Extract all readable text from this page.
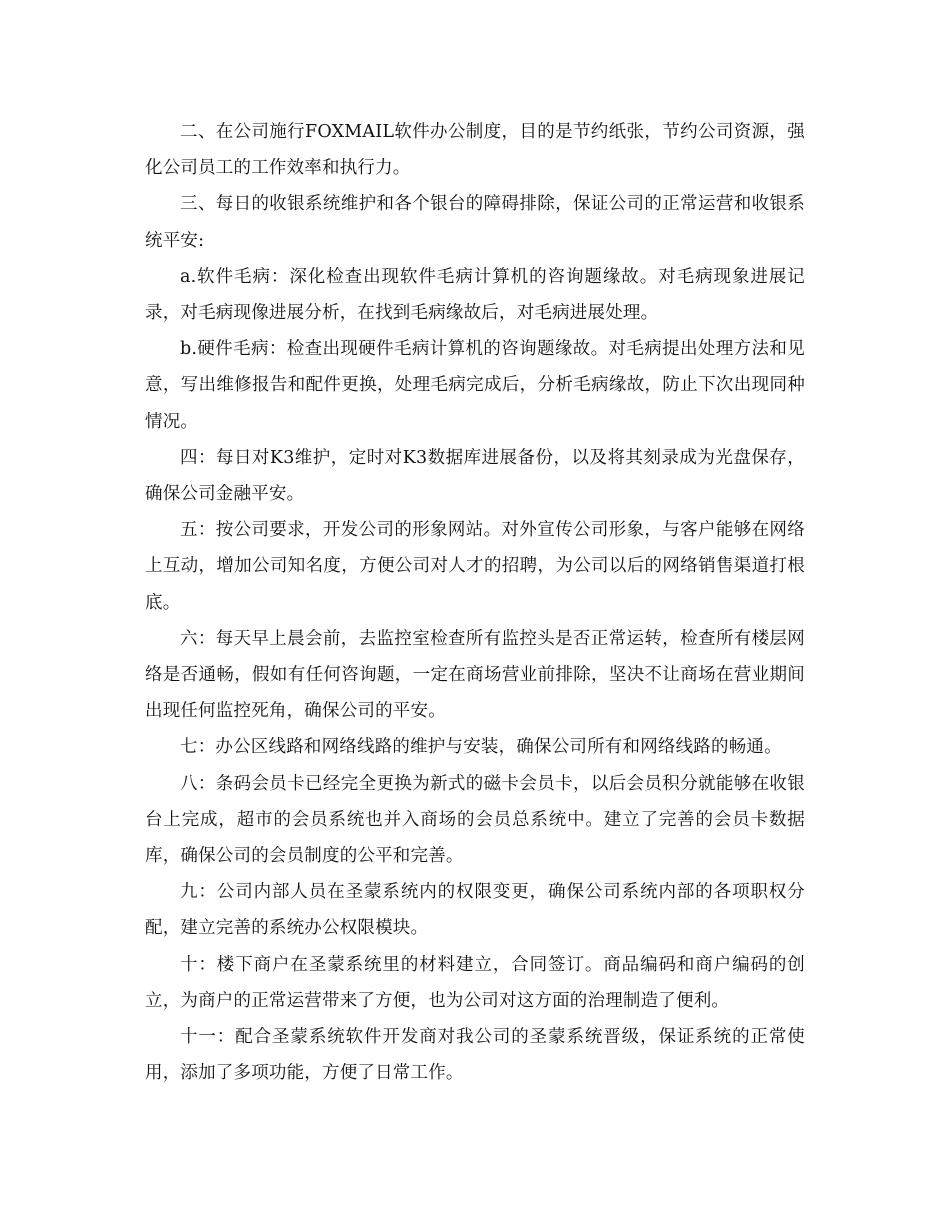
二、在公司施行FOXMAIL软件办公制度，目的是节约纸张，节约公司资源，强化公司员工的工作效率和执行力。

三、每日的收银系统维护和各个银台的障碍排除，保证公司的正常运营和收银系统平安:

a.软件毛病：深化检查出现软件毛病计算机的咨询题缘故。对毛病现象进展记录，对毛病现像进展分析，在找到毛病缘故后，对毛病进展处理。

b.硬件毛病：检查出现硬件毛病计算机的咨询题缘故。对毛病提出处理方法和见意，写出维修报告和配件更换，处理毛病完成后，分析毛病缘故，防止下次出现同种情况。

四：每日对K3维护，定时对K3数据库进展备份，以及将其刻录成为光盘保存，确保公司金融平安。

五：按公司要求，开发公司的形象网站。对外宣传公司形象，与客户能够在网络上互动，增加公司知名度，方便公司对人才的招聘，为公司以后的网络销售渠道打根底。

六：每天早上晨会前，去监控室检查所有监控头是否正常运转，检查所有楼层网络是否通畅，假如有任何咨询题，一定在商场营业前排除，坚决不让商场在营业期间出现任何监控死角，确保公司的平安。

七：办公区线路和网络线路的维护与安装，确保公司所有和网络线路的畅通。

八：条码会员卡已经完全更换为新式的磁卡会员卡，以后会员积分就能够在收银台上完成，超市的会员系统也并入商场的会员总系统中。建立了完善的会员卡数据库，确保公司的会员制度的公平和完善。

九：公司内部人员在圣蒙系统内的权限变更，确保公司系统内部的各项职权分配，建立完善的系统办公权限模块。

十：楼下商户在圣蒙系统里的材料建立，合同签订。商品编码和商户编码的创立，为商户的正常运营带来了方便，也为公司对这方面的治理制造了便利。

十一：配合圣蒙系统软件开发商对我公司的圣蒙系统晋级，保证系统的正常使用，添加了多项功能，方便了日常工作。
